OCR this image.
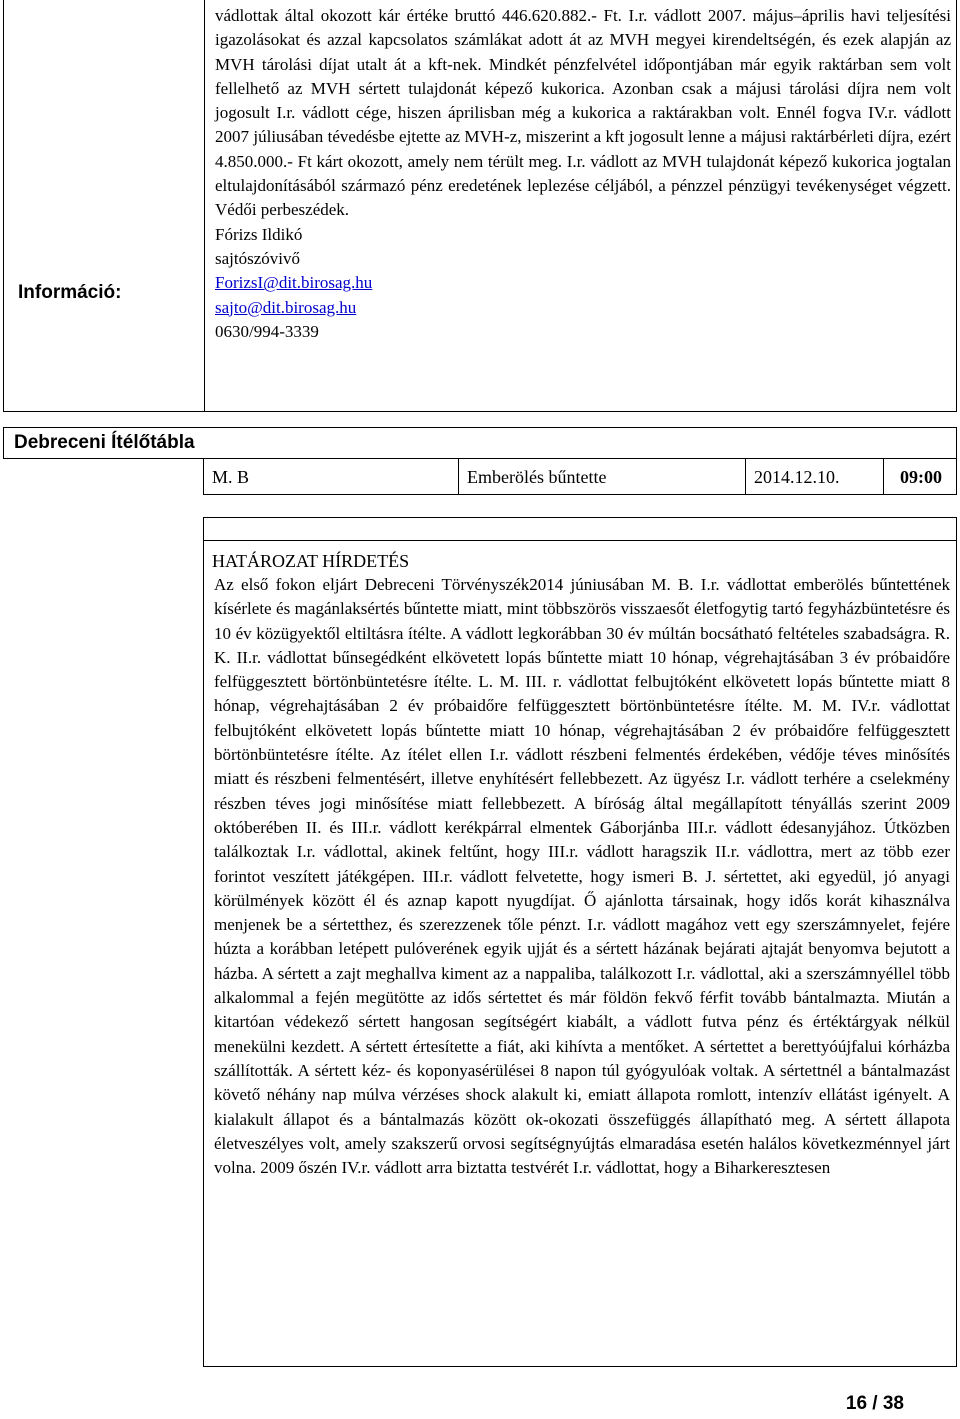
Információ:

vádlottak által okozott kár értéke bruttó 446.620.882.- Ft. I.r. vádlott 2007. május–április havi teljesítési igazolásokat és azzal kapcsolatos számlákat adott át az MVH megyei kirendeltségén, és ezek alapján az MVH tárolási díjat utalt át a kft-nek. Mindkét pénzfelvétel időpontjában már egyik raktárban sem volt fellelhető az MVH sértett tulajdonát képező kukorica. Azonban csak a májusi tárolási díjra nem volt jogosult I.r. vádlott cége, hiszen áprilisban még a kukorica a raktárakban volt. Ennél fogva IV.r. vádlott 2007 júliusában tévedésbe ejtette az MVH-z, miszerint a kft jogosult lenne a májusi raktárbérleti díjra, ezért 4.850.000.- Ft kárt okozott, amely nem térült meg. I.r. vádlott az MVH tulajdonát képező kukorica jogtalan eltulajdonításából származó pénz eredetének leplezése céljából, a pénzzel pénzügyi tevékenységet végzett. Védői perbeszédek.

Fórizs Ildikó

sajtószóvivő

ForizsI@dit.birosag.hu

sajto@dit.birosag.hu

0630/994-3339

Debreceni Ítélőtábla
M. B	Emberölés bűntette	2014.12.10.	09:00

HATÁROZAT HÍRDETÉS

Az első fokon eljárt Debreceni Törvényszék2014 júniusában M. B. I.r. vádlottat emberölés bűntettének kísérlete és magánlaksértés bűntette miatt, mint többszörös visszaesőt életfogytig tartó fegyházbüntetésre és 10 év közügyektől eltiltásra ítélte. A vádlott legkorábban 30 év múltán bocsátható feltételes szabadságra. R. K. II.r. vádlottat bűnsegédként elkövetett lopás bűntette miatt 10 hónap, végrehajtásában 3 év próbaidőre felfüggesztett börtönbüntetésre ítélte. L. M. III. r. vádlottat felbujtóként elkövetett lopás bűntette miatt 8 hónap, végrehajtásában 2 év próbaidőre felfüggesztett börtönbüntetésre ítélte. M. M. IV.r. vádlottat felbujtóként elkövetett lopás bűntette miatt 10 hónap, végrehajtásában 2 év próbaidőre felfüggesztett börtönbüntetésre ítélte. Az ítélet ellen I.r. vádlott részbeni felmentés érdekében, védője téves minősítés miatt és részbeni felmentésért, illetve enyhítésért fellebbezett. Az ügyész I.r. vádlott terhére a cselekmény részben téves jogi minősítése miatt fellebbezett. A bíróság által megállapított tényállás szerint 2009 októberében II. és III.r. vádlott kerékpárral elmentek Gáborjánba III.r. vádlott édesanyjához. Útközben találkoztak I.r. vádlottal, akinek feltűnt, hogy III.r. vádlott haragszik II.r. vádlottra, mert az több ezer forintot veszített játékgépen. III.r. vádlott felvetette, hogy ismeri B. J. sértettet, aki egyedül, jó anyagi körülmények között él és aznap kapott nyugdíjat. Ő ajánlotta társainak, hogy idős korát kihasználva menjenek be a sértetthez, és szerezzenek tőle pénzt. I.r. vádlott magához vett egy szerszámnyelet, fejére húzta a korábban letépett pulóverének egyik ujját és a sértett házának bejárati ajtaját benyomva bejutott a házba. A sértett a zajt meghallva kiment az a nappaliba, találkozott I.r. vádlottal, aki a szerszámnyéllel több alkalommal a fején megütötte az idős sértettet és már földön fekvő férfit tovább bántalmazta. Miután a kitartóan védekező sértett hangosan segítségért kiabált, a vádlott futva pénz és értéktárgyak nélkül menekülni kezdett. A sértett értesítette a fiát, aki kihívta a mentőket. A sértettet a berettyóújfalui kórházba szállították. A sértett kéz- és koponyasérülései 8 napon túl gyógyulóak voltak. A sértettnél a bántalmazást követő néhány nap múlva vérzéses shock alakult ki, emiatt állapota romlott, intenzív ellátást igényelt. A kialakult állapot és a bántalmazás között ok-okozati összefüggés állapítható meg. A sértett állapota életveszélyes volt, amely szakszerű orvosi segítségnyújtás elmaradása esetén halálos következménnyel járt volna. 2009 őszén IV.r. vádlott arra biztatta testvérét I.r. vádlottat, hogy a Biharkeresztesen

16 / 38
